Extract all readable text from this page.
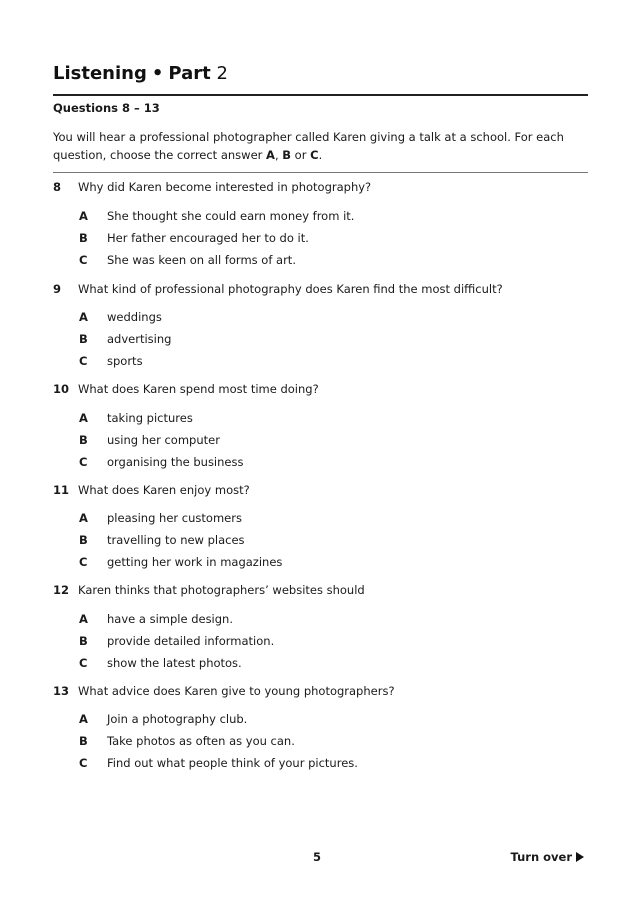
Listening • Part 2
Questions 8 – 13
You will hear a professional photographer called Karen giving a talk at a school. For each question, choose the correct answer A, B or C.
8 Why did Karen become interested in photography?
A She thought she could earn money from it.
B Her father encouraged her to do it.
C She was keen on all forms of art.
9 What kind of professional photography does Karen find the most difficult?
A weddings
B advertising
C sports
10 What does Karen spend most time doing?
A taking pictures
B using her computer
C organising the business
11 What does Karen enjoy most?
A pleasing her customers
B travelling to new places
C getting her work in magazines
12 Karen thinks that photographers’ websites should
A have a simple design.
B provide detailed information.
C show the latest photos.
13 What advice does Karen give to young photographers?
A Join a photography club.
B Take photos as often as you can.
C Find out what people think of your pictures.
5	Turn over
